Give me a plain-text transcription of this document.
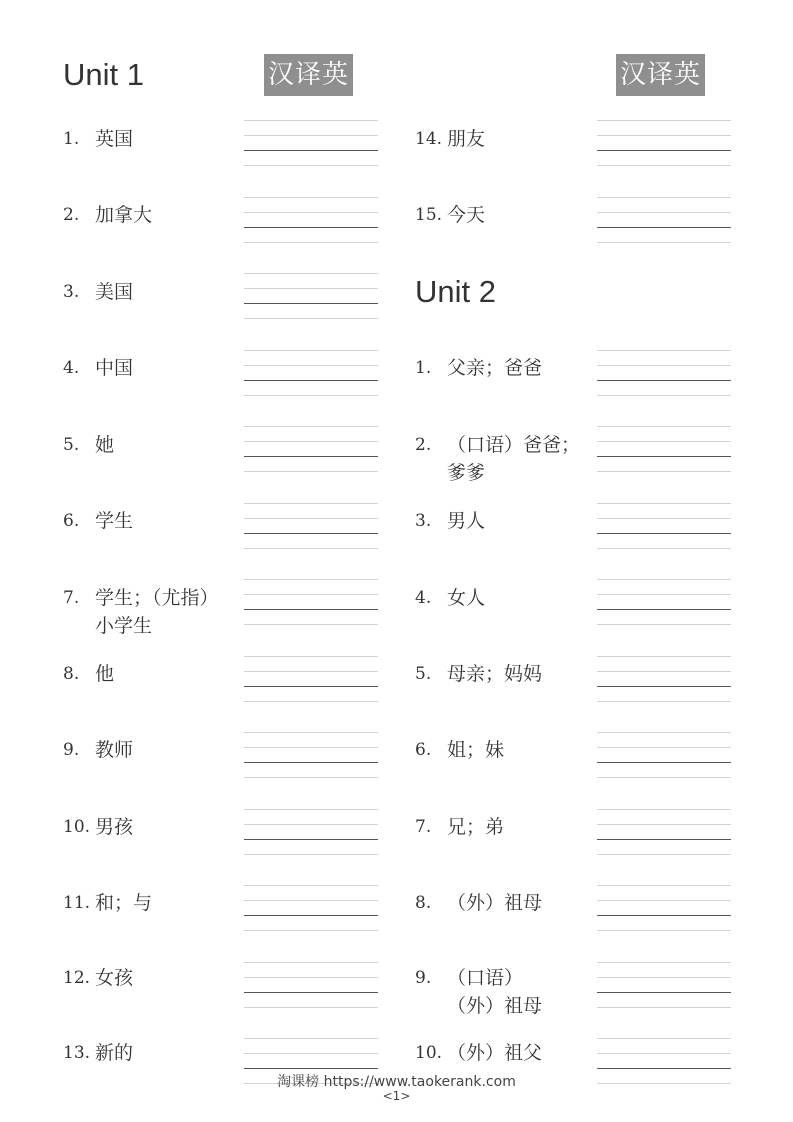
Unit 1	汉译英	汉译英
1. 英国
2. 加拿大
3. 美国
4. 中国
5. 她
6. 学生
7. 学生；（尤指）
小学生
8. 他
9. 教师
10. 男孩
11. 和；与
12. 女孩
13. 新的
14. 朋友
15. 今天
Unit 2
1. 父亲；爸爸
2. （口语）爸爸；
爹爹
3. 男人
4. 女人
5. 母亲；妈妈
6. 姐；妹
7. 兄；弟
8. （外）祖母
9. （口语）
（外）祖母
10. （外）祖父
淘课榜 https://www.taokerank.com
<1>
